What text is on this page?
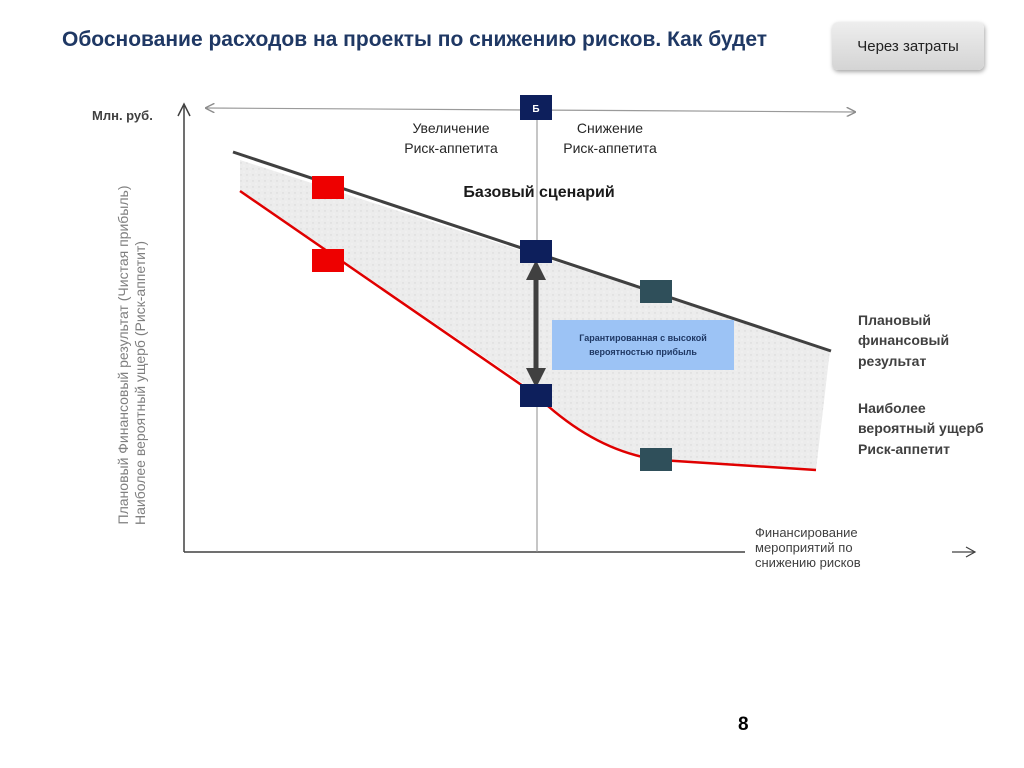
Обоснование расходов на проекты по снижению рисков. Как будет	Через затраты
Б
Млн. руб.
Плановый Финансовый результат (Чистая прибыль) Наиболее вероятный ущерб (Риск-аппетит)
Финансирование
мероприятий по
снижению рисков
Увеличение
Риск-аппетита
Снижение
Риск-аппетита
Базовый сценарий
Плановый
финансовый
результат
Наиболее
вероятный ущерб
Риск-аппетит
Гарантированная с высокой
вероятностью прибыль
8
